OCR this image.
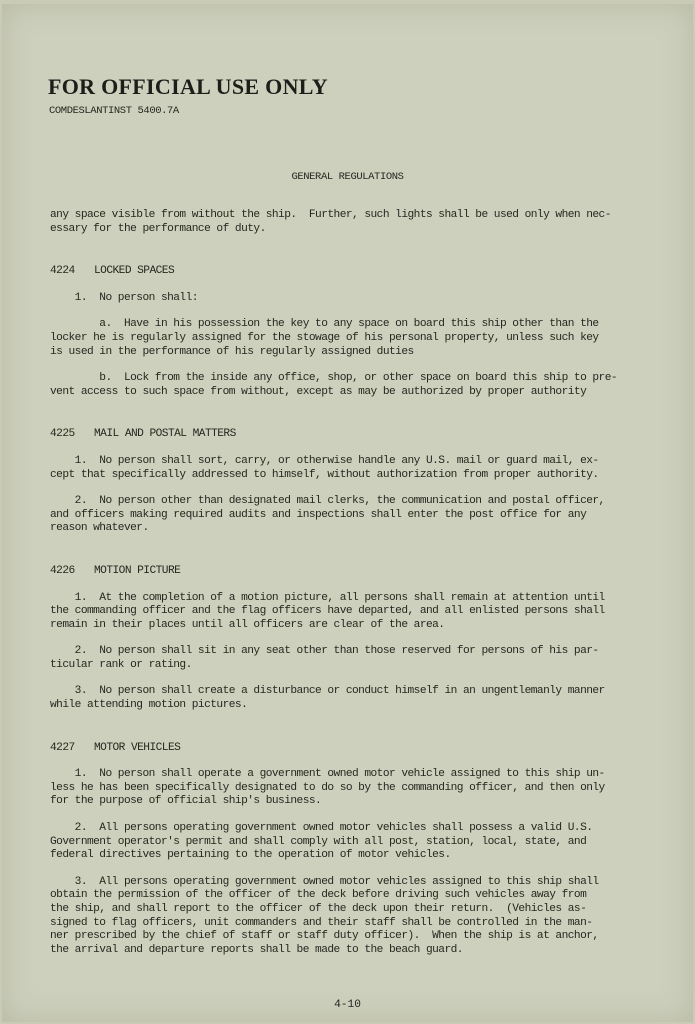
FOR OFFICIAL USE ONLY
COMDESLANTINST 5400.7A
GENERAL REGULATIONS

any space visible from without the ship.  Further, such lights shall be used only when nec-

essary for the performance of duty.

4224 LOCKED SPACES

1.  No person shall:

a.  Have in his possession the key to any space on board this ship other than the

locker he is regularly assigned for the stowage of his personal property, unless such key

is used in the performance of his regularly assigned duties

b.  Lock from the inside any office, shop, or other space on board this ship to pre-

vent access to such space from without, except as may be authorized by proper authority

4225 MAIL AND POSTAL MATTERS

1.  No person shall sort, carry, or otherwise handle any U.S. mail or guard mail, ex-

cept that specifically addressed to himself, without authorization from proper authority.

2.  No person other than designated mail clerks, the communication and postal officer,

and officers making required audits and inspections shall enter the post office for any

reason whatever.

4226 MOTION PICTURE

1.  At the completion of a motion picture, all persons shall remain at attention until

the commanding officer and the flag officers have departed, and all enlisted persons shall

remain in their places until all officers are clear of the area.

2.  No person shall sit in any seat other than those reserved for persons of his par-

ticular rank or rating.

3.  No person shall create a disturbance or conduct himself in an ungentlemanly manner

while attending motion pictures.

4227 MOTOR VEHICLES

1.  No person shall operate a government owned motor vehicle assigned to this ship un-

less he has been specifically designated to do so by the commanding officer, and then only

for the purpose of official ship's business.

2.  All persons operating government owned motor vehicles shall possess a valid U.S.

Government operator's permit and shall comply with all post, station, local, state, and

federal directives pertaining to the operation of motor vehicles.

3.  All persons operating government owned motor vehicles assigned to this ship shall

obtain the permission of the officer of the deck before driving such vehicles away from

the ship, and shall report to the officer of the deck upon their return.  (Vehicles as-

signed to flag officers, unit commanders and their staff shall be controlled in the man-

ner prescribed by the chief of staff or staff duty officer).  When the ship is at anchor,

the arrival and departure reports shall be made to the beach guard.

4-10
